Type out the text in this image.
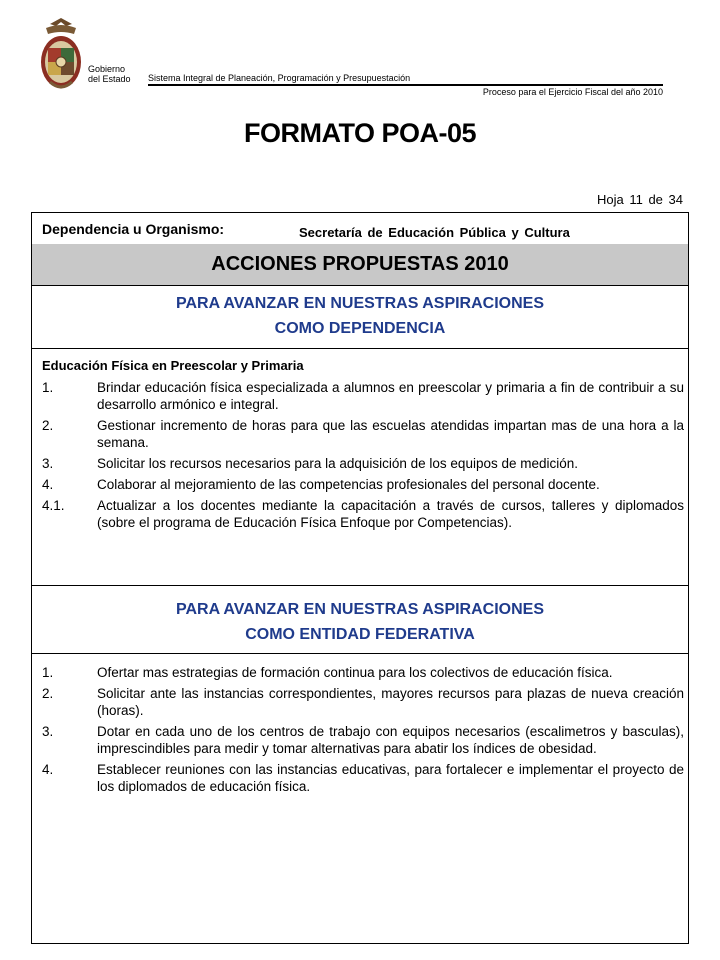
Gobierno
del Estado Sistema Integral de Planeación, Programación y Presupuestación
Proceso para el Ejercicio Fiscal del año 2010
FORMATO POA-05
Hoja 11 de 34
Dependencia u Organismo:	Secretaría de Educación Pública y Cultura
ACCIONES PROPUESTAS 2010
PARA AVANZAR EN NUESTRAS ASPIRACIONES
COMO DEPENDENCIA
Educación Física en Preescolar y Primaria
1.	Brindar educación física especializada a alumnos en preescolar y primaria a fin de contribuir a su desarrollo armónico e integral.
2.	Gestionar incremento de horas para que las escuelas atendidas impartan mas de una hora a la semana.
3.	Solicitar los recursos necesarios para la adquisición de los equipos de medición.
4.	Colaborar al mejoramiento de las competencias profesionales del personal docente.
4.1. Actualizar a los docentes mediante la capacitación a través de cursos, talleres y diplomados (sobre el programa de Educación Física Enfoque por Competencias).
PARA AVANZAR EN NUESTRAS ASPIRACIONES
COMO ENTIDAD FEDERATIVA
1.	Ofertar mas estrategias de formación continua para los colectivos de educación física.
2.	Solicitar ante las instancias correspondientes, mayores recursos para plazas de nueva creación (horas).
3.	Dotar en cada uno de los centros de trabajo con equipos necesarios (escalimetros y basculas), imprescindibles para medir y tomar alternativas para abatir los índices de obesidad.
4.	Establecer reuniones con las instancias educativas, para fortalecer e implementar el proyecto de los diplomados de educación física.
